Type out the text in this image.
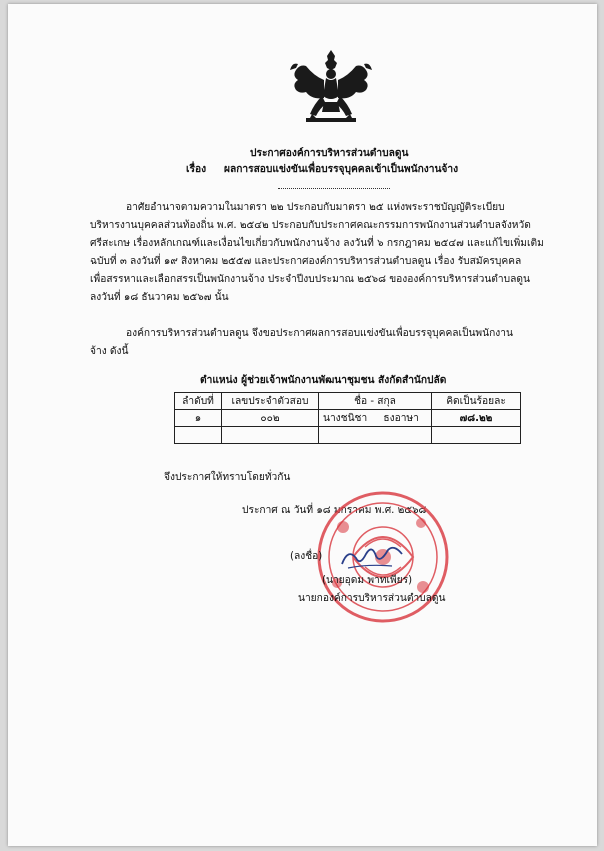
ประกาศองค์การบริหารส่วนตำบลดูน
เรื่อง ผลการสอบแข่งขันเพื่อบรรจุบุคคลเข้าเป็นพนักงานจ้าง
อาศัยอำนาจตามความในมาตรา ๒๒ ประกอบกับมาตรา ๒๕ แห่งพระราชบัญญัติระเบียบ
บริหารงานบุคคลส่วนท้องถิ่น พ.ศ. ๒๕๔๒ ประกอบกับประกาศคณะกรรมการพนักงานส่วนตำบลจังหวัด
ศรีสะเกษ เรื่องหลักเกณฑ์และเงื่อนไขเกี่ยวกับพนักงานจ้าง ลงวันที่ ๖ กรกฎาคม ๒๕๔๗ และแก้ไขเพิ่มเติม
ฉบับที่ ๓ ลงวันที่ ๑๙ สิงหาคม ๒๕๕๗ และประกาศองค์การบริหารส่วนตำบลดูน เรื่อง รับสมัครบุคคล
เพื่อสรรหาและเลือกสรรเป็นพนักงานจ้าง ประจำปีงบประมาณ ๒๕๖๘ ขององค์การบริหารส่วนตำบลดูน
ลงวันที่ ๑๘ ธันวาคม ๒๕๖๗ นั้น
องค์การบริหารส่วนตำบลดูน จึงขอประกาศผลการสอบแข่งขันเพื่อบรรจุบุคคลเป็นพนักงาน
จ้าง ดังนี้
ตำแหน่ง ผู้ช่วยเจ้าพนักงานพัฒนาชุมชน สังกัดสำนักปลัด
ลำดับที่	เลขประจำตัวสอบ	ชื่อ - สกุล	คิดเป็นร้อยละ
๑	๐๐๒	นางชนิชา ธงอาษา	๗๘.๒๒

จึงประกาศให้ทราบโดยทั่วกัน
ประกาศ ณ วันที่ ๑๘ มกราคม พ.ศ. ๒๕๖๘
(ลงชื่อ)
(นายอุดม พาทเพียร)
นายกองค์การบริหารส่วนตำบลดูน
